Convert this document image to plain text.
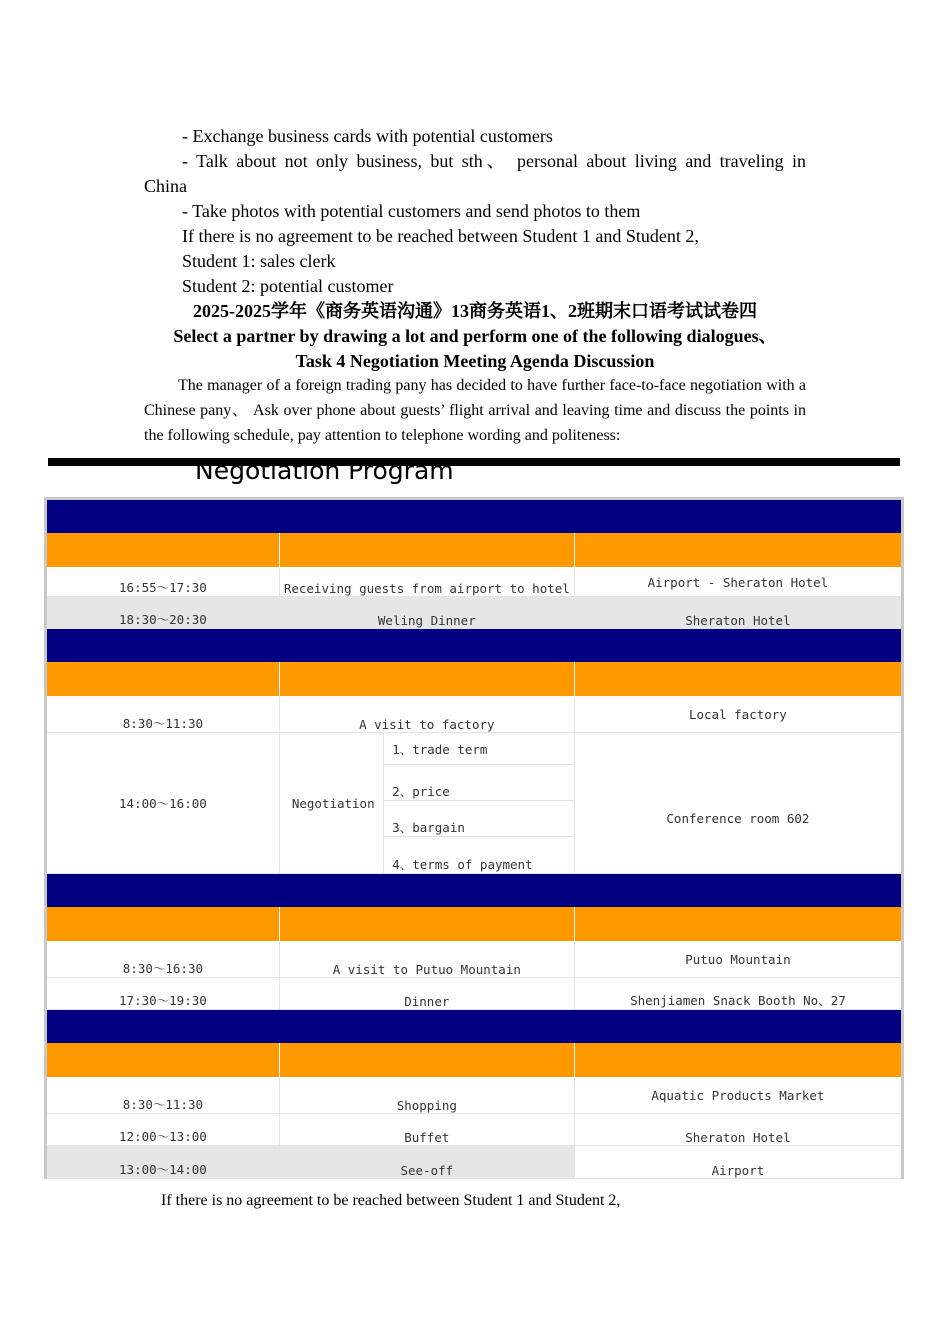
- Exchange business cards with potential customers
- Talk about not only business, but sth、 personal about living and traveling in
China
- Take photos with potential customers and send photos to them
If there is no agreement to be reached between Student 1 and Student 2,
Student 1: sales clerk
Student 2: potential customer
2025-2025学年《商务英语沟通》13商务英语1、2班期末口语考试试卷四
Select a partner by drawing a lot and perform one of the following dialogues、
Task 4 Negotiation Meeting Agenda Discussion
The manager of a foreign trading pany has decided to have further face-to-face negotiation with a Chinese pany、 Ask over phone about guests’ flight arrival and leaving time and discuss the points in the following schedule, pay attention to telephone wording and politeness:
Negotiation Program

16:55～17:30	Receiving guests from airport to hotel		Airport - Sheraton Hotel
18:30～20:30	Weling Dinner		Sheraton Hotel

8:30～11:30	A visit to factory		Local factory
14:00～16:00	Negotiation	1、trade term	Conference room 602
		2、price	
		3、bargain	
		4、terms of payment	

8:30～16:30	A visit to Putuo Mountain		Putuo Mountain
17:30～19:30	Dinner		Shenjiamen Snack Booth No、27

8:30～11:30	Shopping		Aquatic Products Market
12:00～13:00	Buffet		Sheraton Hotel
13:00～14:00	See-off		Airport
If there is no agreement to be reached between Student 1 and Student 2,
